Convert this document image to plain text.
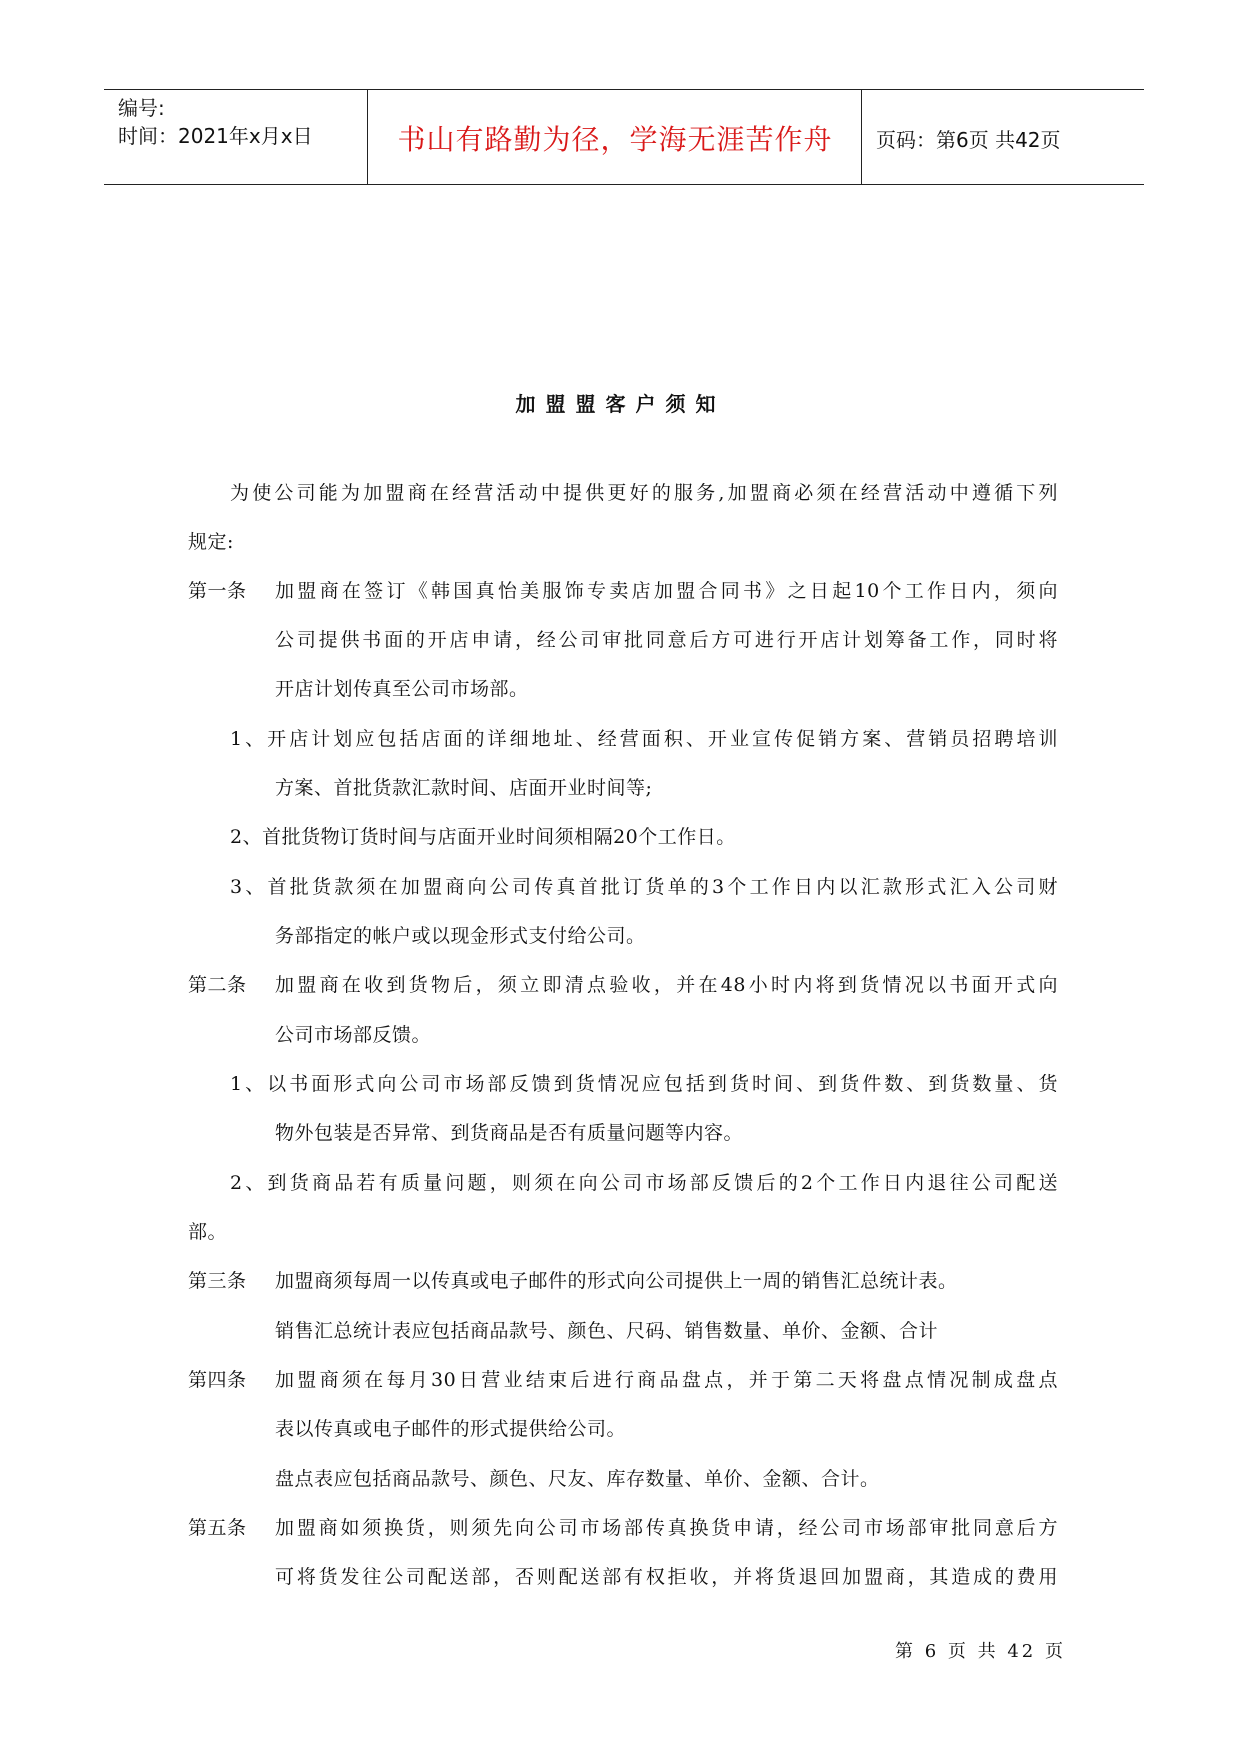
编号:
时间：2021年x月x日	书山有路勤为径，学海无涯苦作舟	页码：第6页 共42页
加盟盟客户须知
为使公司能为加盟商在经营活动中提供更好的服务,加盟商必须在经营活动中遵循下列
规定:
第一条 加盟商在签订《韩国真怡美服饰专卖店加盟合同书》之日起10个工作日内，须向
公司提供书面的开店申请，经公司审批同意后方可进行开店计划筹备工作，同时将
开店计划传真至公司市场部。
1、开店计划应包括店面的详细地址、经营面积、开业宣传促销方案、营销员招聘培训
方案、首批货款汇款时间、店面开业时间等;
2、首批货物订货时间与店面开业时间须相隔20个工作日。
3、首批货款须在加盟商向公司传真首批订货单的3个工作日内以汇款形式汇入公司财
务部指定的帐户或以现金形式支付给公司。
第二条 加盟商在收到货物后，须立即清点验收，并在48小时内将到货情况以书面开式向
公司市场部反馈。
1、以书面形式向公司市场部反馈到货情况应包括到货时间、到货件数、到货数量、货
物外包装是否异常、到货商品是否有质量问题等内容。
2、到货商品若有质量问题，则须在向公司市场部反馈后的2个工作日内退往公司配送
部。
第三条 加盟商须每周一以传真或电子邮件的形式向公司提供上一周的销售汇总统计表。
销售汇总统计表应包括商品款号、颜色、尺码、销售数量、单价、金额、合计
第四条 加盟商须在每月30日营业结束后进行商品盘点，并于第二天将盘点情况制成盘点
表以传真或电子邮件的形式提供给公司。
盘点表应包括商品款号、颜色、尺友、库存数量、单价、金额、合计。
第五条 加盟商如须换货，则须先向公司市场部传真换货申请，经公司市场部审批同意后方
可将货发往公司配送部，否则配送部有权拒收，并将货退回加盟商，其造成的费用
第 6 页 共 42 页
